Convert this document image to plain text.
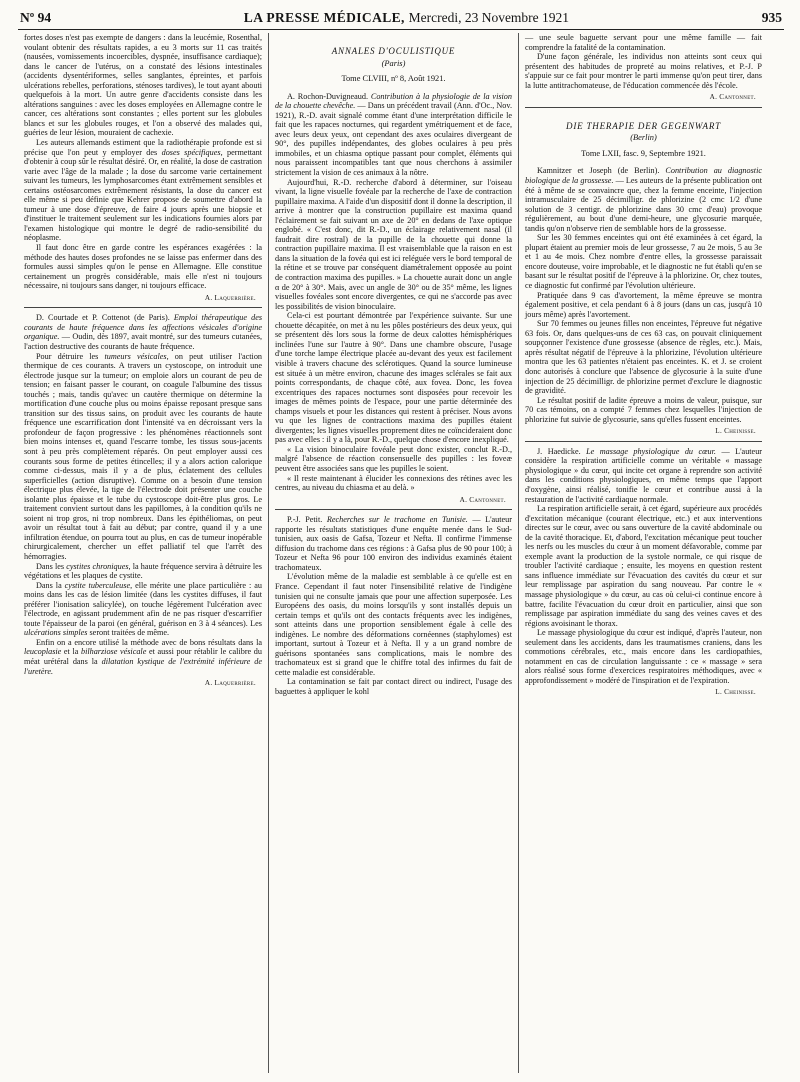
Nº 94	LA PRESSE MÉDICALE, Mercredi, 23 Novembre 1921	935

fortes doses n'est pas exempte de dangers : dans la leucémie, Rosenthal, voulant obtenir des résultats rapides, a eu 3 morts sur 11 cas traités (nausées, vomissements incoercibles, dyspnée, insuffisance cardiaque); dans le cancer de l'utérus, on a constaté des lésions intestinales (accidents dysentériformes, selles sanglantes, épreintes, et parfois ulcérations rebelles, perforations, sténoses tardives), le tout ayant abouti quelquefois à la mort. Un autre genre d'accidents consiste dans les altérations sanguines : avec les doses employées en Allemagne contre le cancer, ces altérations sont constantes ; elles portent sur les globules blancs et sur les globules rouges, et l'on a observé des malades qui, guéries de leur lésion, mouraient de cachexie.

Les auteurs allemands estiment que la radiothérapie profonde est si précise que l'on peut y employer des doses spécifiques, permettant d'obtenir à coup sûr le résultat désiré. Or, en réalité, la dose de castration varie avec l'âge de la malade ; la dose du sarcome varie certainement suivant les tumeurs, les lymphosarcomes étant extrêmement sensibles et certains ostéosarcomes extrêmement résistants, la dose du cancer est elle même si peu définie que Kehrer propose de soumettre d'abord la tumeur à une dose d'épreuve, de faire 4 jours après une biopsie et d'instituer le traitement seulement sur les indications fournies alors par l'examen histologique qui montre le degré de radio-sensibilité du néoplasme.

Il faut donc être en garde contre les espérances exagérées : la méthode des hautes doses profondes ne se laisse pas enfermer dans des formules aussi simples qu'on le pense en Allemagne. Elle constitue certainement un progrès considérable, mais elle n'est ni toujours nécessaire, ni toujours sans danger, ni toujours efficace.

A. Laquerrière.

D. Courtade et P. Cottenot (de Paris). Emploi thérapeutique des courants de haute fréquence dans les affections vésicales d'origine organique. — Oudin, dès 1897, avait montré, sur des tumeurs cutanées, l'action destructive des courants de haute fréquence.

Pour détruire les tumeurs vésicales, on peut utiliser l'action thermique de ces courants. A travers un cystoscope, on introduit une électrode jusque sur la tumeur; on emploie alors un courant de peu de tension; en faisant passer le courant, on coagule l'albumine des tissus touchés ; mais, tandis qu'avec un cautère thermique on détermine la mortification d'une couche plus ou moins épaisse reposant presque sans transition sur des tissus sains, on produit avec les courants de haute fréquence une escarrification dont l'intensité va en décroissant vers la profondeur de façon progressive : les phénomènes réactionnels sont bien moins intenses et, quand l'escarre tombe, les tissus sous-jacents sont à peu près complètement réparés. On peut employer aussi ces courants sous forme de petites étincelles; il y a alors action calorique comme ci-dessus, mais il y a de plus, éclatement des cellules superficielles (action disruptive). Comme on a besoin d'une tension électrique plus élevée, la tige de l'électrode doit présenter une couche isolante plus épaisse et le tube du cystoscope doit-être plus gros. Le traitement convient surtout dans les papillomes, à la condition qu'ils ne soient ni trop gros, ni trop nombreux. Dans les épithéliomas, on peut avoir un résultat tout à fait au début; par contre, quand il y a une infiltration étendue, on pourra tout au plus, en cas de tumeur inopérable chirurgicalement, chercher un effet palliatif tel que l'arrêt des hémorragies.

Dans les cystites chroniques, la haute fréquence servira à détruire les végétations et les plaques de cystite.

Dans la cystite tuberculeuse, elle mérite une place particulière : au moins dans les cas de lésion limitée (dans les cystites diffuses, il faut préférer l'ionisation salicylée), on touche légèrement l'ulcération avec l'électrode, en agissant prudemment afin de ne pas risquer d'escarrifier toute l'épaisseur de la paroi (en général, guérison en 3 à 4 séances). Les ulcérations simples seront traitées de même.

Enfin on a encore utilisé la méthode avec de bons résultats dans la leucoplasie et la bilharziose vésicale et aussi pour rétablir le calibre du méat urétéral dans la dilatation kystique de l'extrémité inférieure de l'uretère.

A. Laquerrière.
ANNALES D'OCULISTIQUE
(Paris)
Tome CLVIII, nº 8, Août 1921.

A. Rochon-Duvigneaud. Contribution à la physiologie de la vision de la chouette chevêche. — Dans un précédent travail (Ann. d'Oc., Nov. 1921), R.-D. avait signalé comme étant d'une interprétation difficile le fait que les rapaces nocturnes, qui regardent ymétriquement et de face, avec leurs deux yeux, ont cependant des axes oculaires divergeant de 90°, des pupilles indépendantes, des globes oculaires à peu près immobiles, et un chiasma optique passant pour complet, éléments qui nous paraissent incompatibles tant que nous cherchons à assimiler strictement la vision de ces animaux à la nôtre.

Aujourd'hui, R.-D. recherche d'abord à déterminer, sur l'oiseau vivant, la ligne visuelle fovéale par la recherche de l'axe de contraction pupillaire maxima. A l'aide d'un dispositif dont il donne la description, il arrive à montrer que la construction pupillaire est maxima quand l'éclairement se fait suivant un axe de 20° en dedans de l'axe optique englobé. « C'est donc, dit R.-D., un éclairage relativement nasal (il faudrait dire rostral) de la pupille de la chouette qui donne la contraction pupillaire maxima. Il est vraisemblable que la raison en est dans la situation de la fovéa qui est ici reléguée vers le bord temporal de la rétine et se trouve par conséquent diamétralement opposée au point de contraction maxima des pupilles. » La chouette aurait donc un angle α de 20° à 30°. Mais, avec un angle de 30° ou de 35° même, les lignes visuelles fovéales sont encore divergentes, ce qui ne s'accorde pas avec les possibilités de vision binoculaire.

Cela-ci est pourtant démontrée par l'expérience suivante. Sur une chouette décapitée, on met à nu les pôles postérieurs des deux yeux, qui se présentent dès lors sous la forme de deux calottes hémisphériques inclinées l'une sur l'autre à 90°. Dans une chambre obscure, l'usage d'une torche lampe électrique placée au-devant des yeux est facilement visible à travers chacune des sclérotiques. Quand la source lumineuse est située à un mètre environ, chacune des images sclérales se fait aux points correspondants, de chaque côté, aux fovea. Donc, les fovea excentriques des rapaces nocturnes sont disposées pour recevoir les images de mêmes points de l'espace, pour une partie déterminée des champs visuels et pour les distances qui restent à préciser. Nous avons vu que les lignes de contractions maxima des pupilles étaient divergentes; les lignes visuelles proprement dites ne coïncideraient donc pas avec elles : il y a là, pour R.-D., quelque chose d'encore inexpliqué.

« La vision binoculaire fovéale peut donc exister, conclut R.-D., malgré l'absence de réaction consensuelle des pupilles : les foveæ peuvent être associées sans que les pupilles le soient.

« Il reste maintenant à élucider les connexions des rétines avec les centres, au niveau du chiasma et au delà. »

A. Cantonnet.

P.-J. Petit. Recherches sur le trachome en Tunisie. — L'auteur rapporte les résultats statistiques d'une enquête menée dans le Sud-tunisien, aux oasis de Gafsa, Tozeur et Nefta. Il confirme l'immense diffusion du trachome dans ces régions : à Gafsa plus de 90 pour 100; à Tozeur et Nefta 96 pour 100 environ des individus examinés étaient trachomateux.

L'évolution même de la maladie est semblable à ce qu'elle est en France. Cependant il faut noter l'insensibilité relative de l'indigène tunisien qui ne consulte jamais que pour une affection superposée. Les Européens des oasis, du moins lorsqu'ils y sont installés depuis un certain temps et qu'ils ont des contacts fréquents avec les indigènes, sont atteints dans une proportion sensiblement égale à celle des indigènes. Le nombre des déformations cornéennes (staphylomes) est important, surtout à Tozeur et à Nefta. Il y a un grand nombre de guérisons spontanées sans complications, mais le nombre des trachomateux est si grand que le chiffre total des infirmes du fait de cette maladie est considérable.

La contamination se fait par contact direct ou indirect, l'usage des baguettes à appliquer le kohl

— une seule baguette servant pour une même famille — fait comprendre la fatalité de la contamination.

D'une façon générale, les individus non atteints sont ceux qui présentent des habitudes de propreté au moins relatives, et P.-J. P s'appuie sur ce fait pour montrer le parti immense qu'on peut tirer, dans la lutte antitrachomateuse, de l'éducation commencée dès l'école.

A. Cantonnet.
DIE THERAPIE DER GEGENWART
(Berlin)
Tome LXII, fasc. 9, Septembre 1921.

Kamnitzer et Joseph (de Berlin). Contribution au diagnostic biologique de la grossesse. — Les auteurs de la présente publication ont été à même de se convaincre que, chez la femme enceinte, l'injection intramusculaire de 25 décimilligr. de phlorizine (2 cmc 1/2 d'une solution de 3 centigr. de phlorizine dans 30 cmc d'eau) provoque régulièrement, au bout d'une demi-heure, une glycosurie marquée, tandis qu'on n'observe rien de semblable hors de la grossesse.

Sur les 30 femmes enceintes qui ont été examinées à cet égard, la plupart étaient au premier mois de leur grossesse, 7 au 2e mois, 5 au 3e et 1 au 4e mois. Chez nombre d'entre elles, la grossesse paraissait encore douteuse, voire improbable, et le diagnostic ne fut établi qu'en se basant sur le résultat positif de l'épreuve à la phlorizine. Or, chez toutes, ce diagnostic fut confirmé par l'évolution ultérieure.

Pratiquée dans 9 cas d'avortement, la même épreuve se montra également positive, et cela pendant 6 à 8 jours (dans un cas, jusqu'à 10 jours même) après l'avortement.

Sur 70 femmes ou jeunes filles non enceintes, l'épreuve fut négative 63 fois. Or, dans quelques-uns de ces 63 cas, on pouvait cliniquement soupçonner l'existence d'une grossesse (absence de règles, etc.). Mais, après résultat négatif de l'épreuve à la phlorizine, l'évolution ultérieure montra que les 63 patientes n'étaient pas enceintes. K. et J. se croient donc autorisés à conclure que l'absence de glycosurie à la suite d'une injection de 25 décimilligr. de phlorizine permet d'exclure le diagnostic de gravidité.

Le résultat positif de ladite épreuve a moins de valeur, puisque, sur 70 cas témoins, on a compté 7 femmes chez lesquelles l'injection de phlorizine fut suivie de glycosurie, sans qu'elles fussent enceintes.

L. Cheinisse.

J. Haedicke. Le massage physiologique du cœur. — L'auteur considère la respiration artificielle comme un véritable « massage physiologique » du cœur, qui incite cet organe à reprendre son activité dans les conditions physiologiques, en même temps que l'apport d'oxygène, ainsi réalisé, tonifie le cœur et contribue aussi à la restauration de l'activité cardiaque normale.

La respiration artificielle serait, à cet égard, supérieure aux procédés d'excitation mécanique (courant électrique, etc.) et aux interventions directes sur le cœur, avec ou sans ouverture de la cavité abdominale ou de la cavité thoracique. Et, d'abord, l'excitation mécanique peut toucher les nerfs ou les muscles du cœur à un moment défavorable, comme par exemple avant la production de la systole normale, ce qui risque de troubler l'activité cardiaque ; ensuite, les moyens en question restent sans influence immédiate sur l'évacuation des cavités du cœur et sur leur remplissage par aspiration du sang nouveau. Par contre le « massage physiologique » du cœur, au cas où celui-ci continue encore à battre, facilite l'évacuation du cœur droit en particulier, ainsi que son remplissage par aspiration immédiate du sang des veines caves et des régions avoisinant le thorax.

Le massage physiologique du cœur est indiqué, d'après l'auteur, non seulement dans les accidents, dans les traumatismes craniens, dans les commotions cérébrales, etc., mais encore dans les cardiopathies, notamment en cas de circulation languissante : ce « massage » sera alors réalisé sous forme d'exercices respiratoires méthodiques, avec « approfondissement » modéré de l'inspiration et de l'expiration.

L. Cheinisse.
